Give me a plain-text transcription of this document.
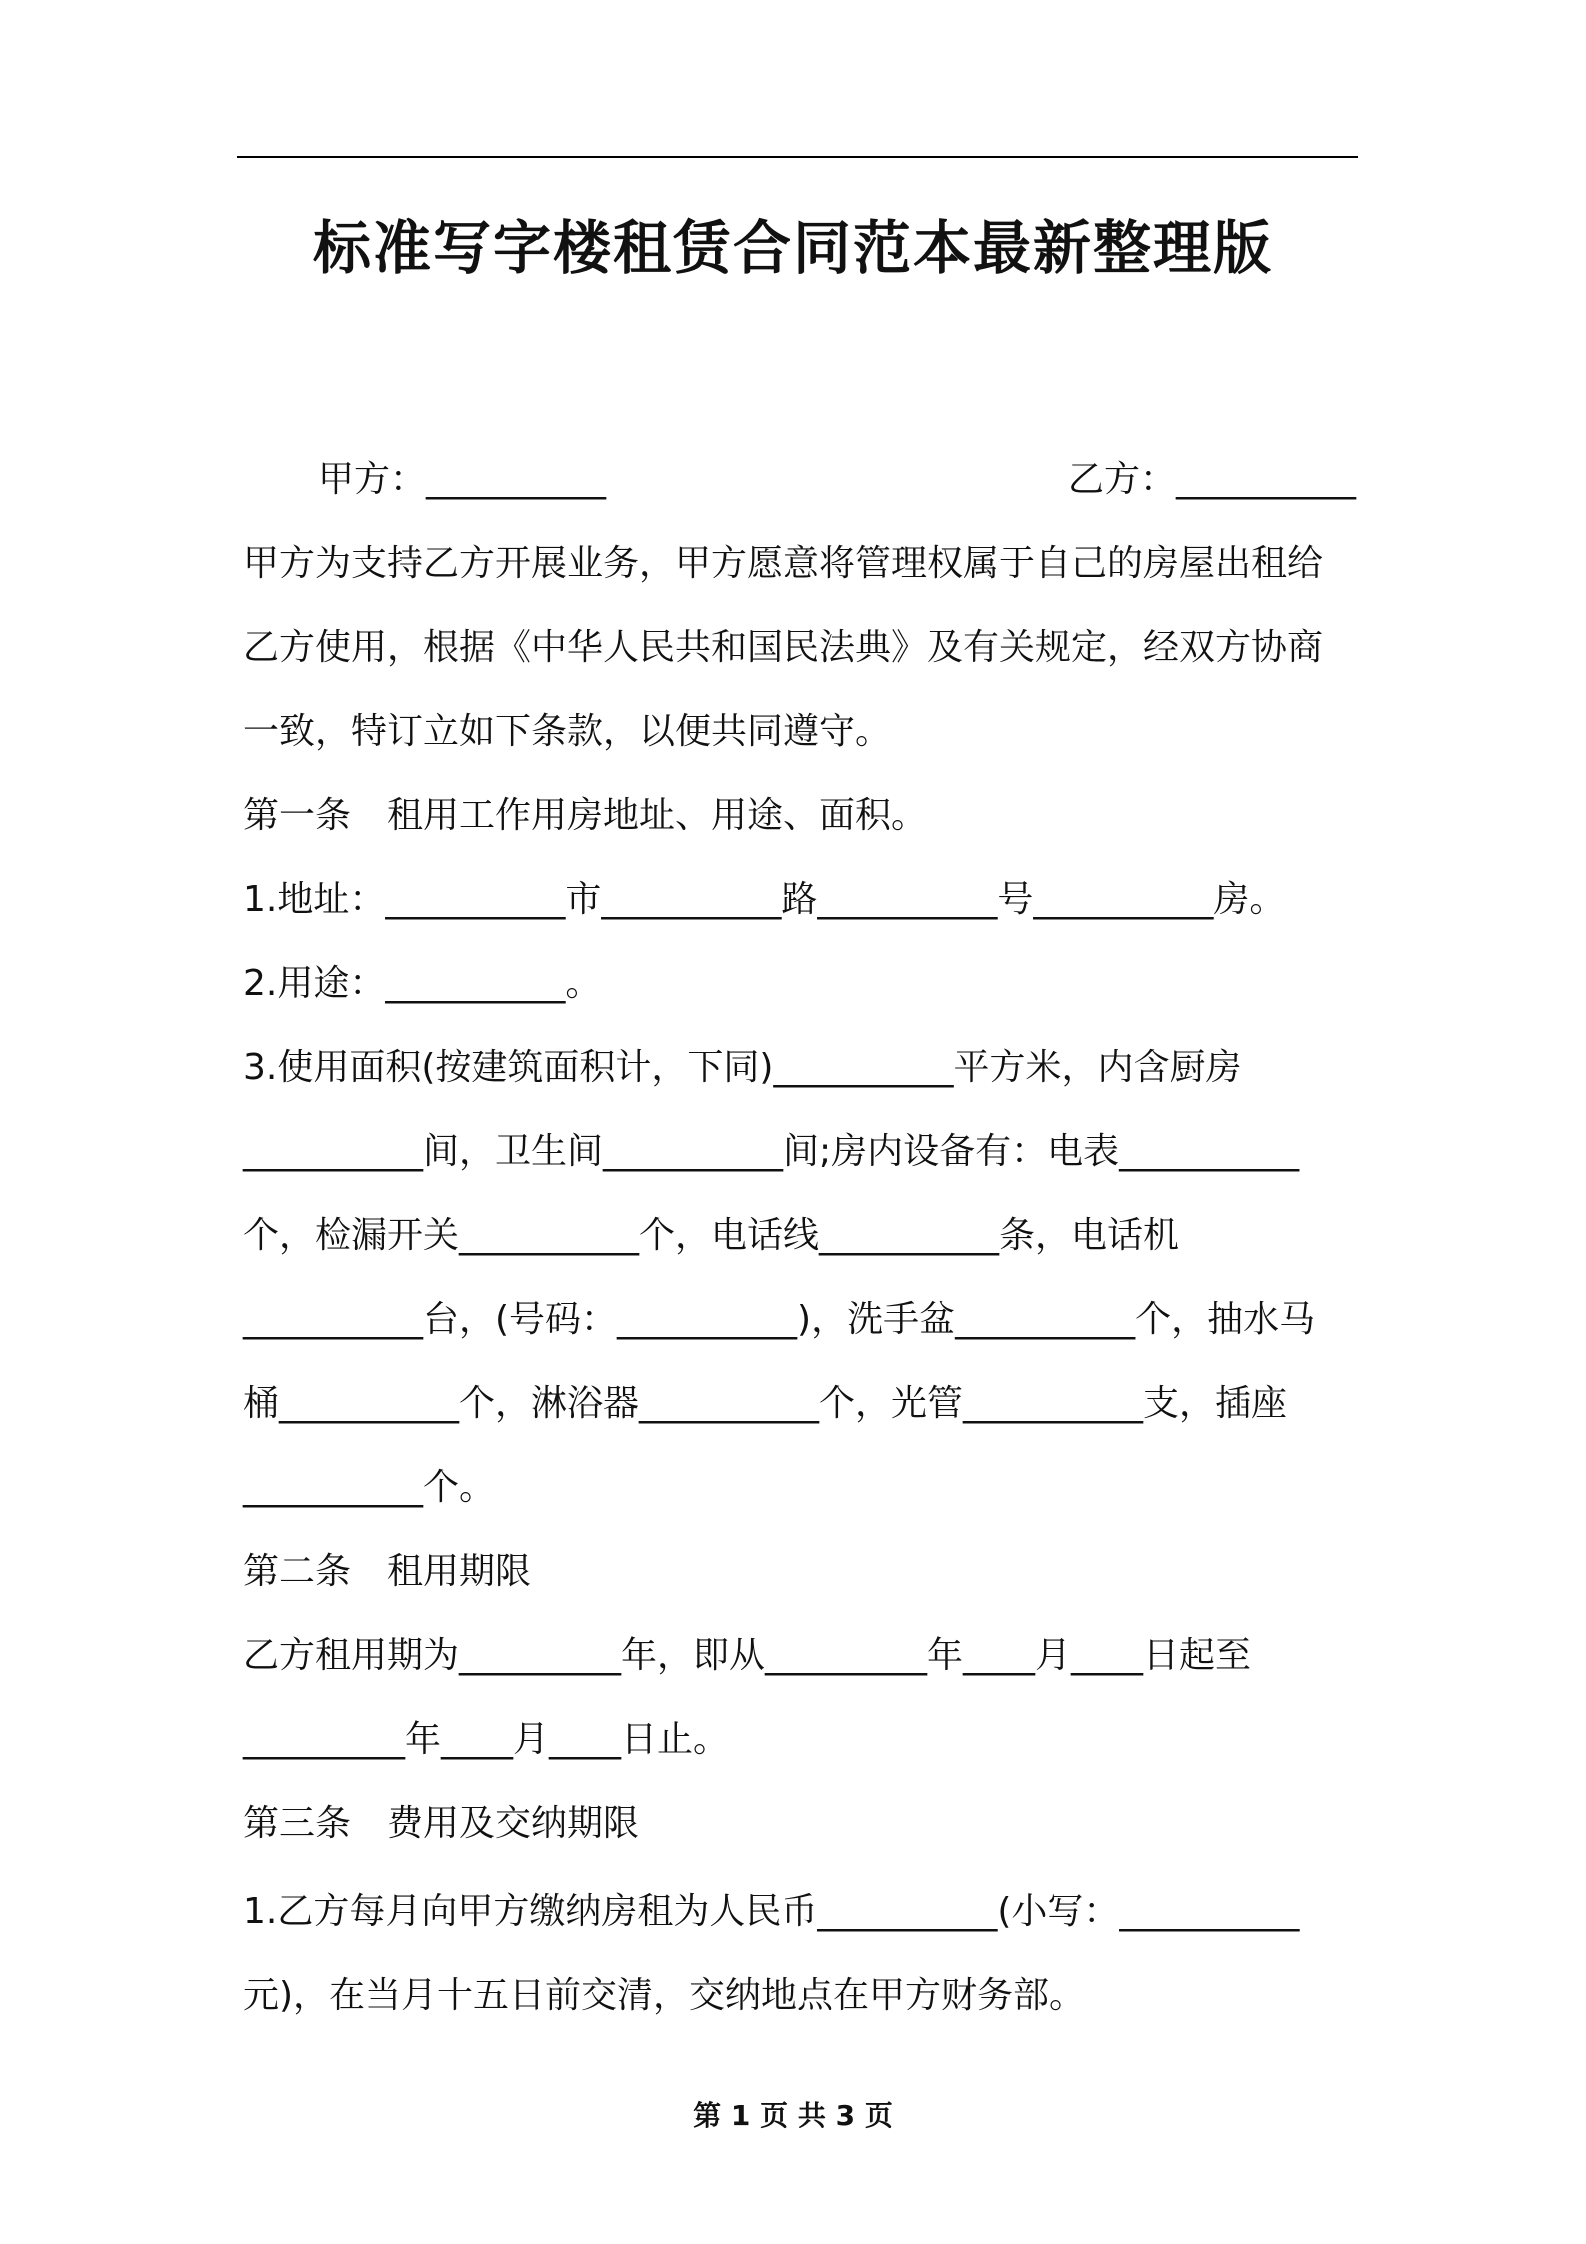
标准写字楼租赁合同范本最新整理版
甲方：__________	乙方：__________
甲方为支持乙方开展业务，甲方愿意将管理权属于自己的房屋出租给
乙方使用，根据《中华人民共和国民法典》及有关规定，经双方协商
一致，特订立如下条款，以便共同遵守。
第一条　租用工作用房地址、用途、面积。
1.地址：__________市__________路__________号__________房。
2.用途：__________。
3.使用面积(按建筑面积计，下同)__________平方米，内含厨房
__________间，卫生间__________间;房内设备有：电表__________
个，检漏开关__________个，电话线__________条，电话机
__________台，(号码：__________)，洗手盆__________个，抽水马
桶__________个，淋浴器__________个，光管__________支，插座
__________个。
第二条　租用期限
乙方租用期为_________年，即从_________年____月____日起至
_________年____月____日止。
第三条　费用及交纳期限
1.乙方每月向甲方缴纳房租为人民币__________(小写：__________
元)，在当月十五日前交清，交纳地点在甲方财务部。
第 1 页 共 3 页
